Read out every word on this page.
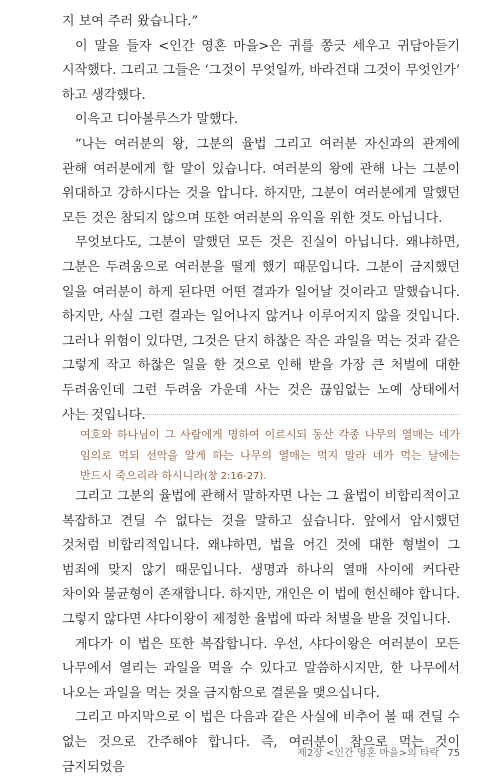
지 보여 주러 왔습니다.”

이 말을 들자 <인간 영혼 마을>은 귀를 쫑긋 세우고 귀담아듣기 시작했다. 그리고 그들은 ‘그것이 무엇일까, 바라건대 그것이 무엇인가’ 하고 생각했다.

이윽고 디아볼루스가 말했다.

“나는 여러분의 왕, 그분의 율법 그리고 여러분 자신과의 관계에 관해 여러분에게 할 말이 있습니다. 여러분의 왕에 관해 나는 그분이 위대하고 강하시다는 것을 압니다. 하지만, 그분이 여러분에게 말했던 모든 것은 참되지 않으며 또한 여러분의 유익을 위한 것도 아닙니다.

무엇보다도, 그분이 말했던 모든 것은 진실이 아닙니다. 왜냐하면, 그분은 두려움으로 여러분을 떨게 했기 때문입니다. 그분이 금지했던 일을 여러분이 하게 된다면 어떤 결과가 일어날 것이라고 말했습니다. 하지만, 사실 그런 결과는 일어나지 않거나 이루어지지 않을 것입니다. 그러나 위험이 있다면, 그것은 단지 하찮은 작은 과일을 먹는 것과 같은 그렇게 작고 하찮은 일을 한 것으로 인해 받을 가장 큰 처벌에 대한 두려움인데 그런 두려움 가운데 사는 것은 끊임없는 노예 상태에서 사는 것입니다.

여호와 하나님이 그 사람에게 명하여 이르시되 동산 각종 나무의 열매는 네가 임의로 먹되 선악을 알게 하는 나무의 열매는 먹지 말라 네가 먹는 날에는 반드시 죽으리라 하시니라(창 2:16-27).

그리고 그분의 율법에 관해서 말하자면 나는 그 율법이 비합리적이고 복잡하고 견딜 수 없다는 것을 말하고 싶습니다. 앞에서 암시했던 것처럼 비합리적입니다. 왜냐하면, 법을 어긴 것에 대한 형벌이 그 범죄에 맞지 않기 때문입니다. 생명과 하나의 열매 사이에 커다란 차이와 불균형이 존재합니다. 하지만, 개인은 이 법에 헌신해야 합니다. 그렇지 않다면 샤다이왕이 제정한 율법에 따라 처벌을 받을 것입니다.

게다가 이 법은 또한 복잡합니다. 우선, 샤다이왕은 여러분이 모든 나무에서 열리는 과일을 먹을 수 있다고 말씀하시지만, 한 나무에서 나오는 과일을 먹는 것을 금지함으로 결론을 맺으십니다.

그리고 마지막으로 이 법은 다음과 같은 사실에 비추어 볼 때 견딜 수 없는 것으로 간주해야 합니다. 즉, 여러분이 참으로 먹는 것이 금지되었음

제2장 <인간 영혼 마을>의 타락 75
